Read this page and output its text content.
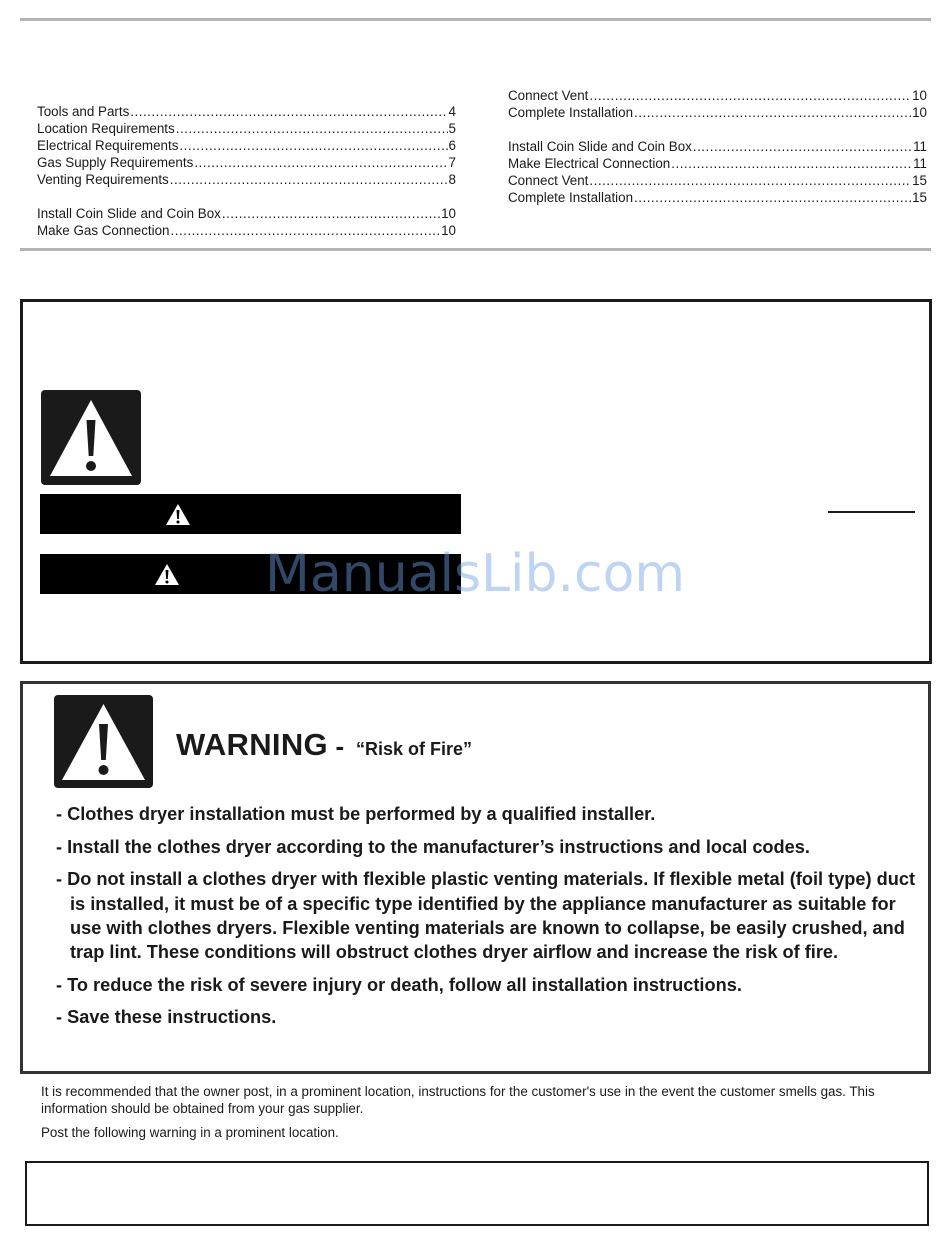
Tools and Parts .....	4
Location Requirements .....	5
Electrical Requirements .....	6
Gas Supply Requirements .....	7
Venting Requirements .....	8
Install Coin Slide and Coin Box .....	10
Make Gas Connection .....	10
Connect Vent .....	10
Complete Installation .....	10
Install Coin Slide and Coin Box .....	11
Make Electrical Connection .....	11
Connect Vent .....	15
Complete Installation .....	15
ManualsLib.com
WARNING - “Risk of Fire”
- Clothes dryer installation must be performed by a qualified installer.
- Install the clothes dryer according to the manufacturer’s instructions and local codes.
- Do not install a clothes dryer with flexible plastic venting materials. If flexible metal (foil type) duct is installed, it must be of a specific type identified by the appliance manufacturer as suitable for use with clothes dryers. Flexible venting materials are known to collapse, be easily crushed, and trap lint. These conditions will obstruct clothes dryer airflow and increase the risk of fire.
- To reduce the risk of severe injury or death, follow all installation instructions.
- Save these instructions.
It is recommended that the owner post, in a prominent location, instructions for the customer's use in the event the customer smells gas. This information should be obtained from your gas supplier.
Post the following warning in a prominent location.
